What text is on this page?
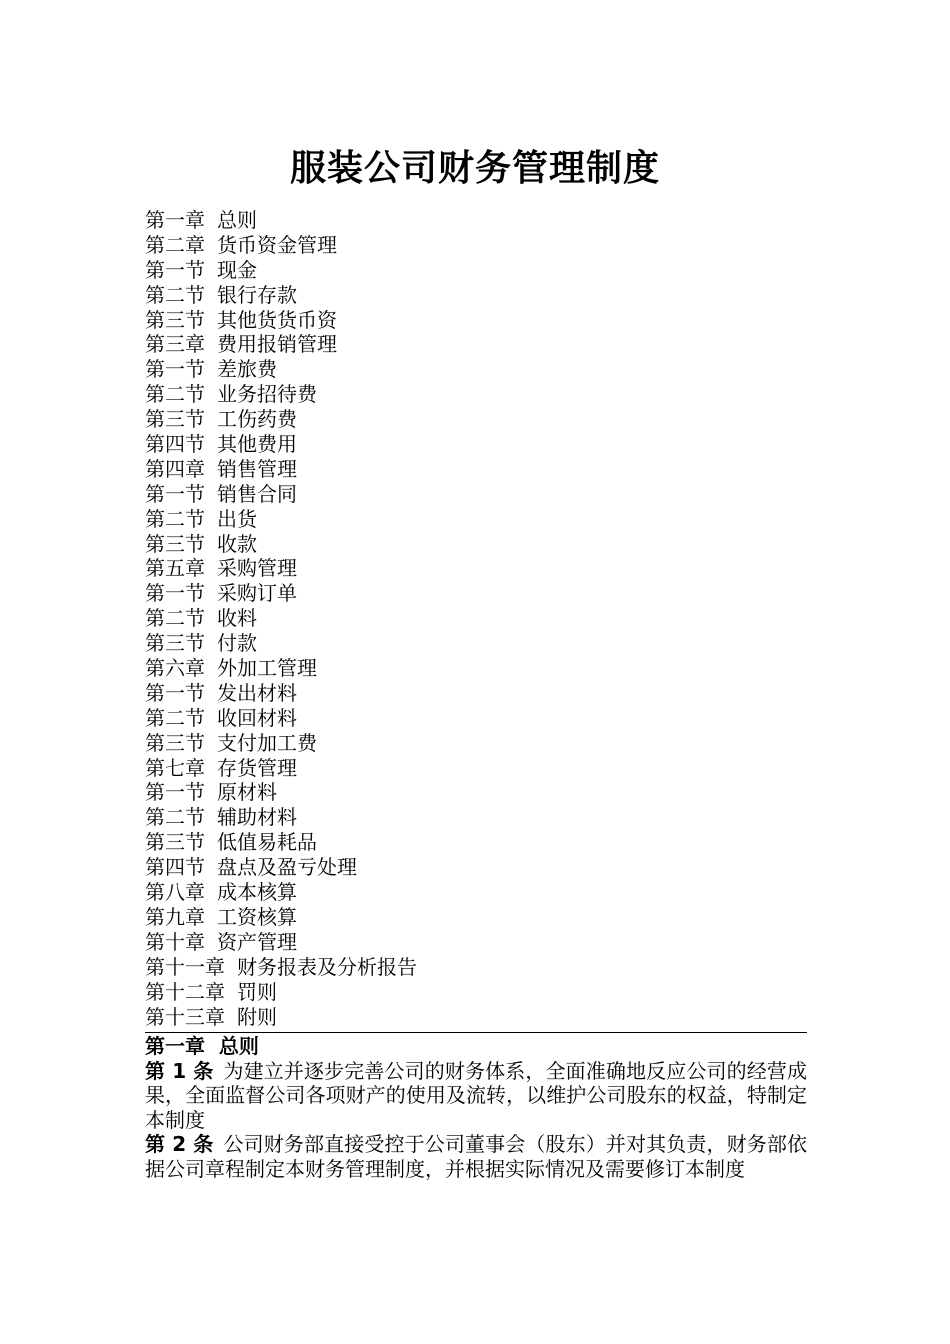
服装公司财务管理制度
第一章 总则
第二章 货币资金管理
第一节 现金
第二节 银行存款
第三节 其他货货币资
第三章 费用报销管理
第一节 差旅费
第二节 业务招待费
第三节 工伤药费
第四节 其他费用
第四章 销售管理
第一节 销售合同
第二节 出货
第三节 收款
第五章 采购管理
第一节 采购订单
第二节 收料
第三节 付款
第六章 外加工管理
第一节 发出材料
第二节 收回材料
第三节 支付加工费
第七章 存货管理
第一节 原材料
第二节 辅助材料
第三节 低值易耗品
第四节 盘点及盈亏处理
第八章 成本核算
第九章 工资核算
第十章 资产管理
第十一章 财务报表及分析报告
第十二章 罚则
第十三章 附则
第一章  总则

第 1 条 为建立并逐步完善公司的财务体系，全面准确地反应公司的经营成果，全面监督公司各项财产的使用及流转，以维护公司股东的权益，特制定本制度

第 2 条 公司财务部直接受控于公司董事会（股东）并对其负责，财务部依据公司章程制定本财务管理制度，并根据实际情况及需要修订本制度
